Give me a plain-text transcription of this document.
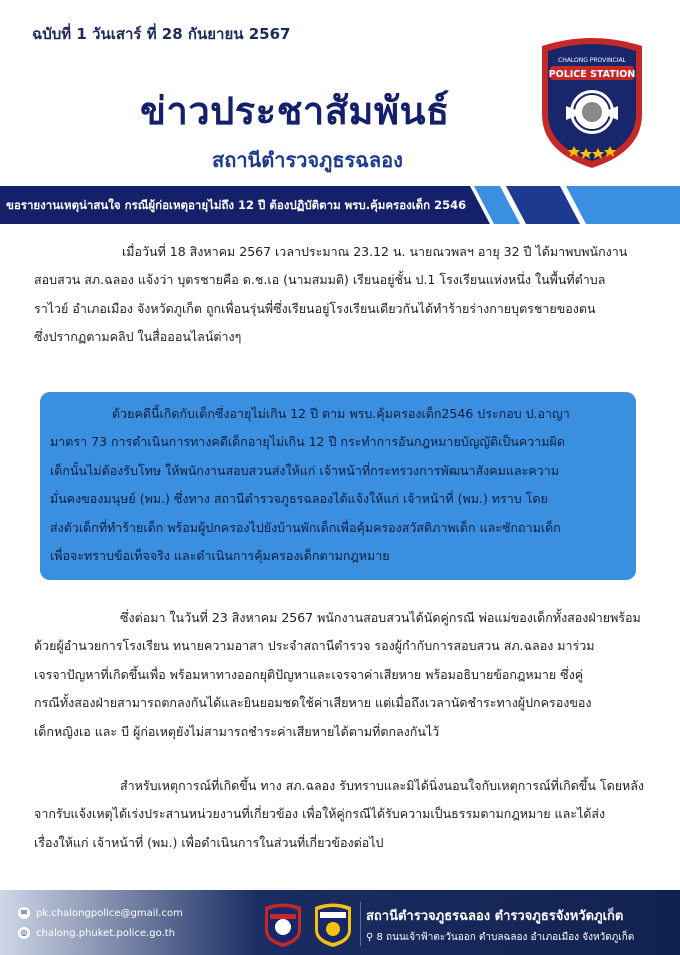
ฉบับที่ 1 วันเสาร์ ที่ 28 กันยายน 2567
ข่าวประชาสัมพันธ์
สถานีตำรวจภูธรฉลอง
CHALONG PROVINCIAL
POLICE STATION
ขอรายงานเหตุน่าสนใจ กรณีผู้ก่อเหตุอายุไม่ถึง 12 ปี ต้องปฏิบัติตาม พรบ.คุ้มครองเด็ก 2546
เมื่อวันที่ 18 สิงหาคม 2567 เวลาประมาณ 23.12 น. นายณวพลฯ อายุ 32 ปี ได้มาพบพนักงาน
สอบสวน สภ.ฉลอง แจ้งว่า บุตรชายคือ ด.ช.เอ (นามสมมติ) เรียนอยู่ชั้น ป.1 โรงเรียนแห่งหนึ่ง ในพื้นที่ตำบล
ราไวย์ อำเภอเมือง จังหวัดภูเก็ต ถูกเพื่อนรุ่นพี่ซึ่งเรียนอยู่โรงเรียนเดียวกันได้ทำร้ายร่างกายบุตรชายของตน
ซึ่งปรากฏตามคลิป ในสื่อออนไลน์ต่างๆ
ด้วยคดีนี้เกิดกับเด็กซึ่งอายุไม่เกิน 12 ปี ตาม พรบ.คุ้มครองเด็ก2546 ประกอบ ป.อาญา
มาตรา 73 การดำเนินการทางคดีเด็กอายุไม่เกิน 12 ปี กระทำการอันกฎหมายบัญญัติเป็นความผิด
เด็กนั้นไม่ต้องรับโทษ ให้พนักงานสอบสวนส่งให้แก่ เจ้าหน้าที่กระทรวงการพัฒนาสังคมและความ
มั่นคงของมนุษย์ (พม.) ซึ่งทาง สถานีตำรวจภูธรฉลองได้แจ้งให้แก่ เจ้าหน้าที่ (พม.) ทราบ โดย
ส่งตัวเด็กที่ทำร้ายเด็ก พร้อมผู้ปกครองไปยังบ้านพักเด็กเพื่อคุ้มครองสวัสดิภาพเด็ก และซักถามเด็ก
เพื่อจะทราบข้อเท็จจริง และดำเนินการคุ้มครองเด็กตามกฎหมาย
ซึ่งต่อมา ในวันที่ 23 สิงหาคม 2567 พนักงานสอบสวนได้นัดคู่กรณี พ่อแม่ของเด็กทั้งสองฝ่ายพร้อม
ด้วยผู้อำนวยการโรงเรียน ทนายความอาสา ประจำสถานีตำรวจ รองผู้กำกับการสอบสวน สภ.ฉลอง มาร่วม
เจรจาปัญหาที่เกิดขึ้นเพื่อ พร้อมหาทางออกยุติปัญหาและเจรจาค่าเสียหาย พร้อมอธิบายข้อกฎหมาย ซึ่งคู่
กรณีทั้งสองฝ่ายสามารถตกลงกันได้และยินยอมชดใช้ค่าเสียหาย แต่เมื่อถึงเวลานัดชำระทางผู้ปกครองของ
เด็กหญิงเอ และ บี ผู้ก่อเหตุยังไม่สามารถชำระค่าเสียหายได้ตามที่ตกลงกันไว้
สำหรับเหตุการณ์ที่เกิดขึ้น ทาง สภ.ฉลอง รับทราบและมิได้นิ่งนอนใจกับเหตุการณ์ที่เกิดขึ้น โดยหลัง
จากรับแจ้งเหตุได้เร่งประสานหน่วยงานที่เกี่ยวข้อง เพื่อให้คู่กรณีได้รับความเป็นธรรมตามกฎหมาย และได้ส่ง
เรื่องให้แก่ เจ้าหน้าที่ (พม.) เพื่อดำเนินการในส่วนที่เกี่ยวข้องต่อไป
✉ pk.chalongpolice@gmail.com
◎ chalong.phuket.police.go.th
สถานีตำรวจภูธรฉลอง ตำรวจภูธรจังหวัดภูเก็ต
⚲ 8 ถนนเจ้าฟ้าตะวันออก ตำบลฉลอง อำเภอเมือง จังหวัดภูเก็ต
